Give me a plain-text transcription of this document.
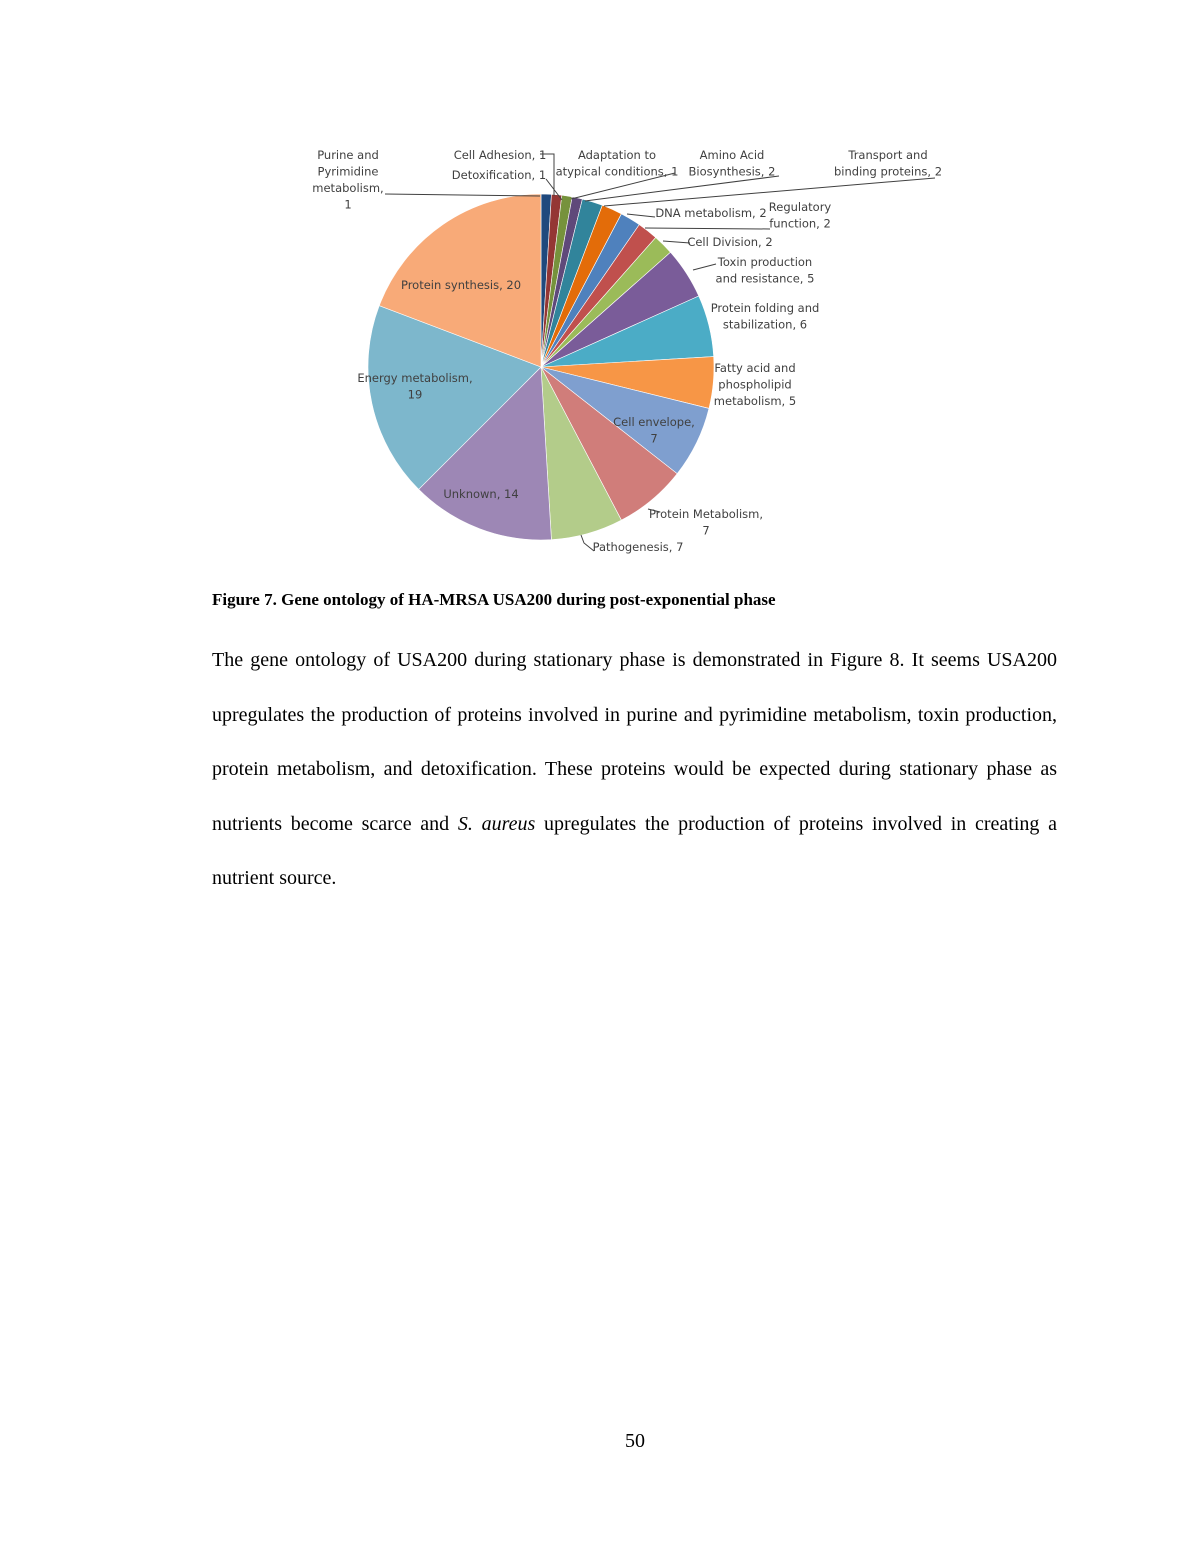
Purine and Pyrimidine metabolism, 1
Cell Adhesion, 1
Detoxification, 1
Adaptation to atypical conditions, 1
Amino Acid Biosynthesis, 2
Transport and binding proteins, 2
DNA metabolism, 2 Regulatory function, 2
Cell Division, 2
Toxin production and resistance, 5
Protein folding and stabilization, 6
Fatty acid and phospholipid metabolism, 5
Cell envelope, 7
Protein Metabolism, 7
Pathogenesis, 7
Unknown, 14
Energy metabolism, 19
Protein synthesis, 20
Figure 7. Gene ontology of HA-MRSA USA200 during post-exponential phase

The gene ontology of USA200 during stationary phase is demonstrated in Figure 8. It seems USA200 upregulates the production of proteins involved in purine and pyrimidine metabolism, toxin production, protein metabolism, and detoxification. These proteins would be expected during stationary phase as nutrients become scarce and S. aureus upregulates the production of proteins involved in creating a nutrient source.

50
